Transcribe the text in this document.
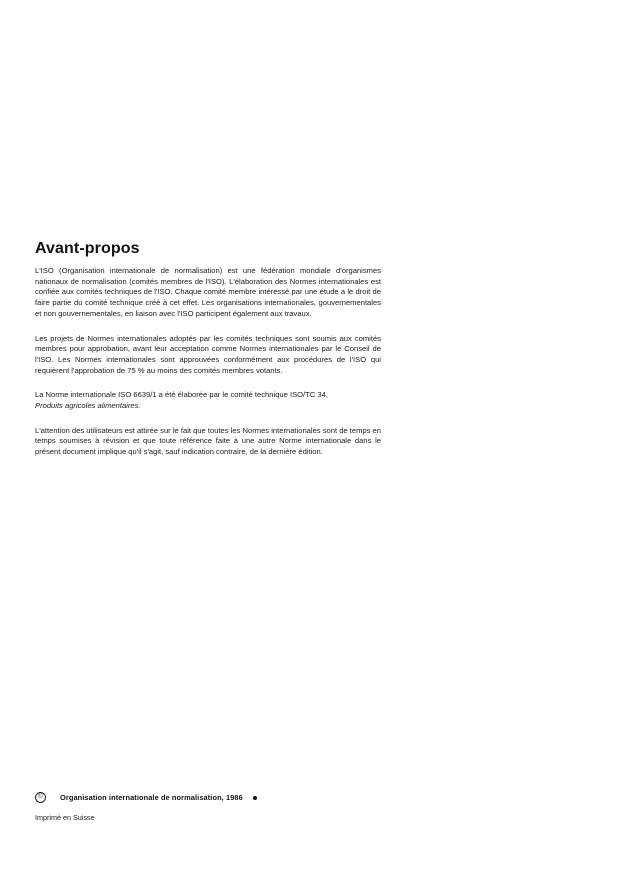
Avant-propos

L'ISO (Organisation internationale de normalisation) est une fédération mondiale d'organismes nationaux de normalisation (comités membres de l'ISO). L'élaboration des Normes internationales est confiée aux comités techniques de l'ISO. Chaque comité membre intéressé par une étude a le droit de faire partie du comité technique créé à cet effet. Les organisations internationales, gouvernementales et non gouvernementales, en liaison avec l'ISO participent également aux travaux.

Les projets de Normes internationales adoptés par les comités techniques sont soumis aux comités membres pour approbation, avant leur acceptation comme Normes internationales par le Conseil de l'ISO. Les Normes internationales sont approuvées conformément aux procédures de l'ISO qui requièrent l'approbation de 75 % au moins des comités membres votants.

La Norme internationale ISO 6639/1 a été élaborée par le comité technique ISO/TC 34,
Produits agricoles alimentaires.

L'attention des utilisateurs est attirée sur le fait que toutes les Normes internationales sont de temps en temps soumises à révision et que toute référence faite à une autre Norme internationale dans le présent document implique qu'il s'agit, sauf indication contraire, de la dernière édition.

©	Organisation internationale de normalisation, 1986
Imprimé en Suisse
